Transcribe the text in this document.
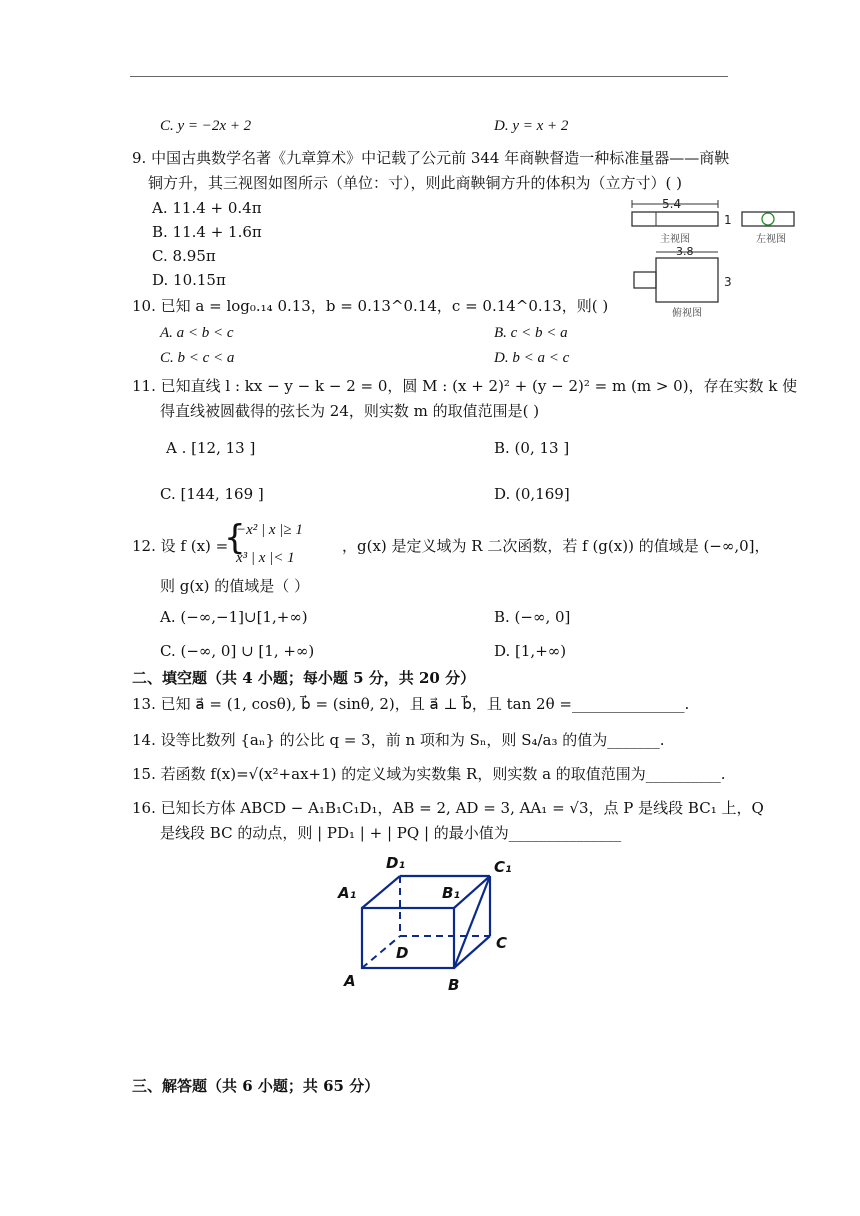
C. y = −2x + 2	D. y = x + 2
9. 中国古典数学名著《九章算术》中记载了公元前 344 年商鞅督造一种标准量器——商鞅
铜方升，其三视图如图所示（单位：寸），则此商鞅铜方升的体积为（立方寸）( )
A. 11.4 + 0.4π
B. 11.4 + 1.6π
C. 8.95π
D. 10.15π
5.4
1
主视图	左视图
3.8
3
俯视图
10. 已知 a = log₀.₁₄ 0.13，b = 0.13^0.14，c = 0.14^0.13，则( )
A. a < b < c	B. c < b < a
C. b < c < a	D. b < a < c
11. 已知直线 l : kx − y − k − 2 = 0，圆 M : (x + 2)² + (y − 2)² = m (m > 0)，存在实数 k 使
得直线被圆截得的弦长为 24，则实数 m 的取值范围是( )
A . [12, 13 ]	B. (0, 13 ]
C. [144, 169 ]	D. (0,169]
12. 设 f (x) =
{
−x² | x |≥ 1
x³ | x |< 1
，g(x) 是定义域为 R 二次函数，若 f (g(x)) 的值域是 (−∞,0]，
则 g(x) 的值域是（ ）
A. (−∞,−1]∪[1,+∞)	B. (−∞, 0]
C. (−∞, 0] ∪ [1, +∞)	D. [1,+∞)
二、填空题（共 4 小题；每小题 5 分，共 20 分）
13. 已知 a⃗ = (1, cosθ), b⃗ = (sinθ, 2)，且 a⃗ ⊥ b⃗，且 tan 2θ =_______________.
14. 设等比数列 {aₙ} 的公比 q = 3，前 n 项和为 Sₙ，则 S₄/a₃ 的值为_______.
15. 若函数 f(x)=√(x²+ax+1) 的定义域为实数集 R，则实数 a 的取值范围为__________.
16. 已知长方体 ABCD − A₁B₁C₁D₁，AB = 2, AD = 3, AA₁ = √3，点 P 是线段 BC₁ 上，Q
是线段 BC 的动点，则 | PD₁ | + | PQ | 的最小值为_______________
D₁	C₁
A₁	B₁
D
C
A	B
三、解答题（共 6 小题；共 65 分）
